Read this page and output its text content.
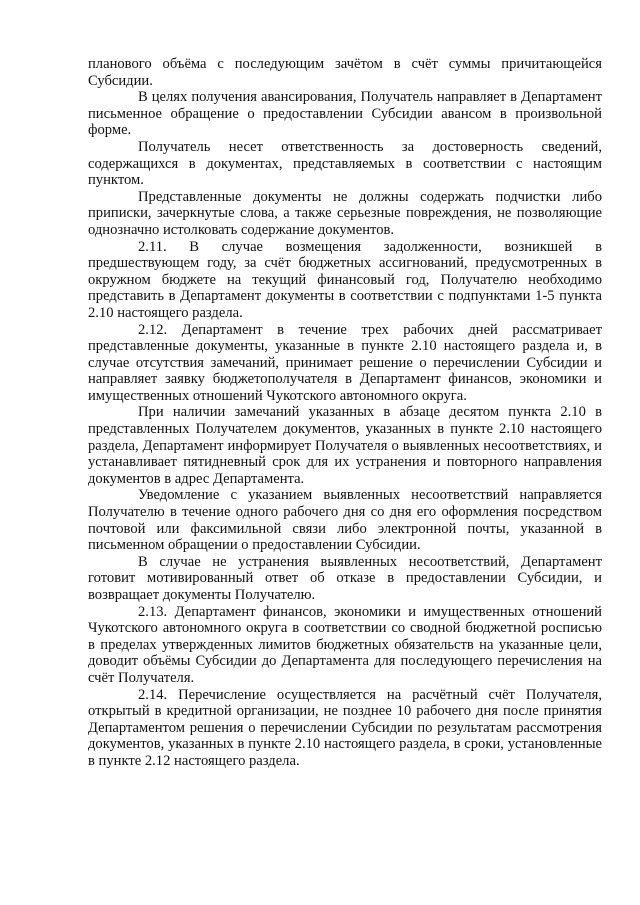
планового объёма с последующим зачётом в счёт суммы причитающейся Субсидии.

В целях получения авансирования, Получатель направляет в Департамент письменное обращение о предоставлении Субсидии авансом в произвольной форме.

Получатель несет ответственность за достоверность сведений, содержащихся в документах, представляемых в соответствии с настоящим пунктом.

Представленные документы не должны содержать подчистки либо приписки, зачеркнутые слова, а также серьезные повреждения, не позволяющие однозначно истолковать содержание документов.

2.11. В случае возмещения задолженности, возникшей в предшествующем году, за счёт бюджетных ассигнований, предусмотренных в окружном бюджете на текущий финансовый год, Получателю необходимо представить в Департамент документы в соответствии с подпунктами 1-5 пункта 2.10 настоящего раздела.

2.12. Департамент в течение трех рабочих дней рассматривает представленные документы, указанные в пункте 2.10 настоящего раздела и, в случае отсутствия замечаний, принимает решение о перечислении Субсидии и направляет заявку бюджетополучателя в Департамент финансов, экономики и имущественных отношений Чукотского автономного округа.

При наличии замечаний указанных в абзаце десятом пункта 2.10 в представленных Получателем документов, указанных в пункте 2.10 настоящего раздела, Департамент информирует Получателя о выявленных несоответствиях, и устанавливает пятидневный срок для их устранения и повторного направления документов в адрес Департамента.

Уведомление с указанием выявленных несоответствий направляется Получателю в течение одного рабочего дня со дня его оформления посредством почтовой или факсимильной связи либо электронной почты, указанной в письменном обращении о предоставлении Субсидии.

В случае не устранения выявленных несоответствий, Департамент готовит мотивированный ответ об отказе в предоставлении Субсидии, и возвращает документы Получателю.

2.13. Департамент финансов, экономики и имущественных отношений Чукотского автономного округа в соответствии со сводной бюджетной росписью в пределах утвержденных лимитов бюджетных обязательств на указанные цели, доводит объёмы Субсидии до Департамента для последующего перечисления на счёт Получателя.

2.14. Перечисление осуществляется на расчётный счёт Получателя, открытый в кредитной организации, не позднее 10 рабочего дня после принятия Департаментом решения о перечислении Субсидии по результатам рассмотрения документов, указанных в пункте 2.10 настоящего раздела, в сроки, установленные в пункте 2.12 настоящего раздела.
